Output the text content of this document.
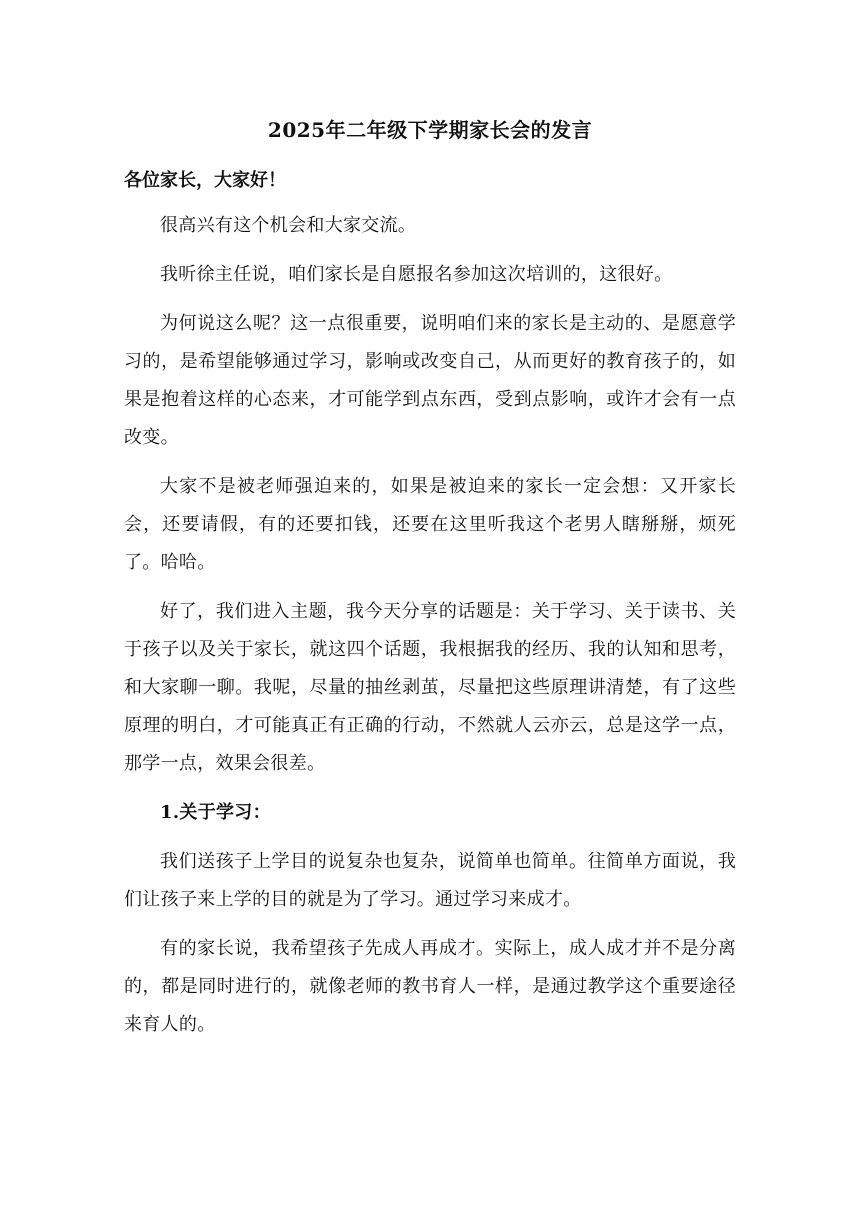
2025年二年级下学期家长会的发言
各位家长，大家好！

很高兴有这个机会和大家交流。

我听徐主任说，咱们家长是自愿报名参加这次培训的，这很好。

为何说这么呢？这一点很重要，说明咱们来的家长是主动的、是愿意学习的，是希望能够通过学习，影响或改变自己，从而更好的教育孩子的，如果是抱着这样的心态来，才可能学到点东西，受到点影响，或许才会有一点改变。

大家不是被老师强迫来的，如果是被迫来的家长一定会想：又开家长会，还要请假，有的还要扣钱，还要在这里听我这个老男人瞎掰掰，烦死了。哈哈。

好了，我们进入主题，我今天分享的话题是：关于学习、关于读书、关于孩子以及关于家长，就这四个话题，我根据我的经历、我的认知和思考，和大家聊一聊。我呢，尽量的抽丝剥茧，尽量把这些原理讲清楚，有了这些原理的明白，才可能真正有正确的行动，不然就人云亦云，总是这学一点，那学一点，效果会很差。

1.关于学习：

我们送孩子上学目的说复杂也复杂，说简单也简单。往简单方面说，我们让孩子来上学的目的就是为了学习。通过学习来成才。

有的家长说，我希望孩子先成人再成才。实际上，成人成才并不是分离的，都是同时进行的，就像老师的教书育人一样，是通过教学这个重要途径来育人的。
